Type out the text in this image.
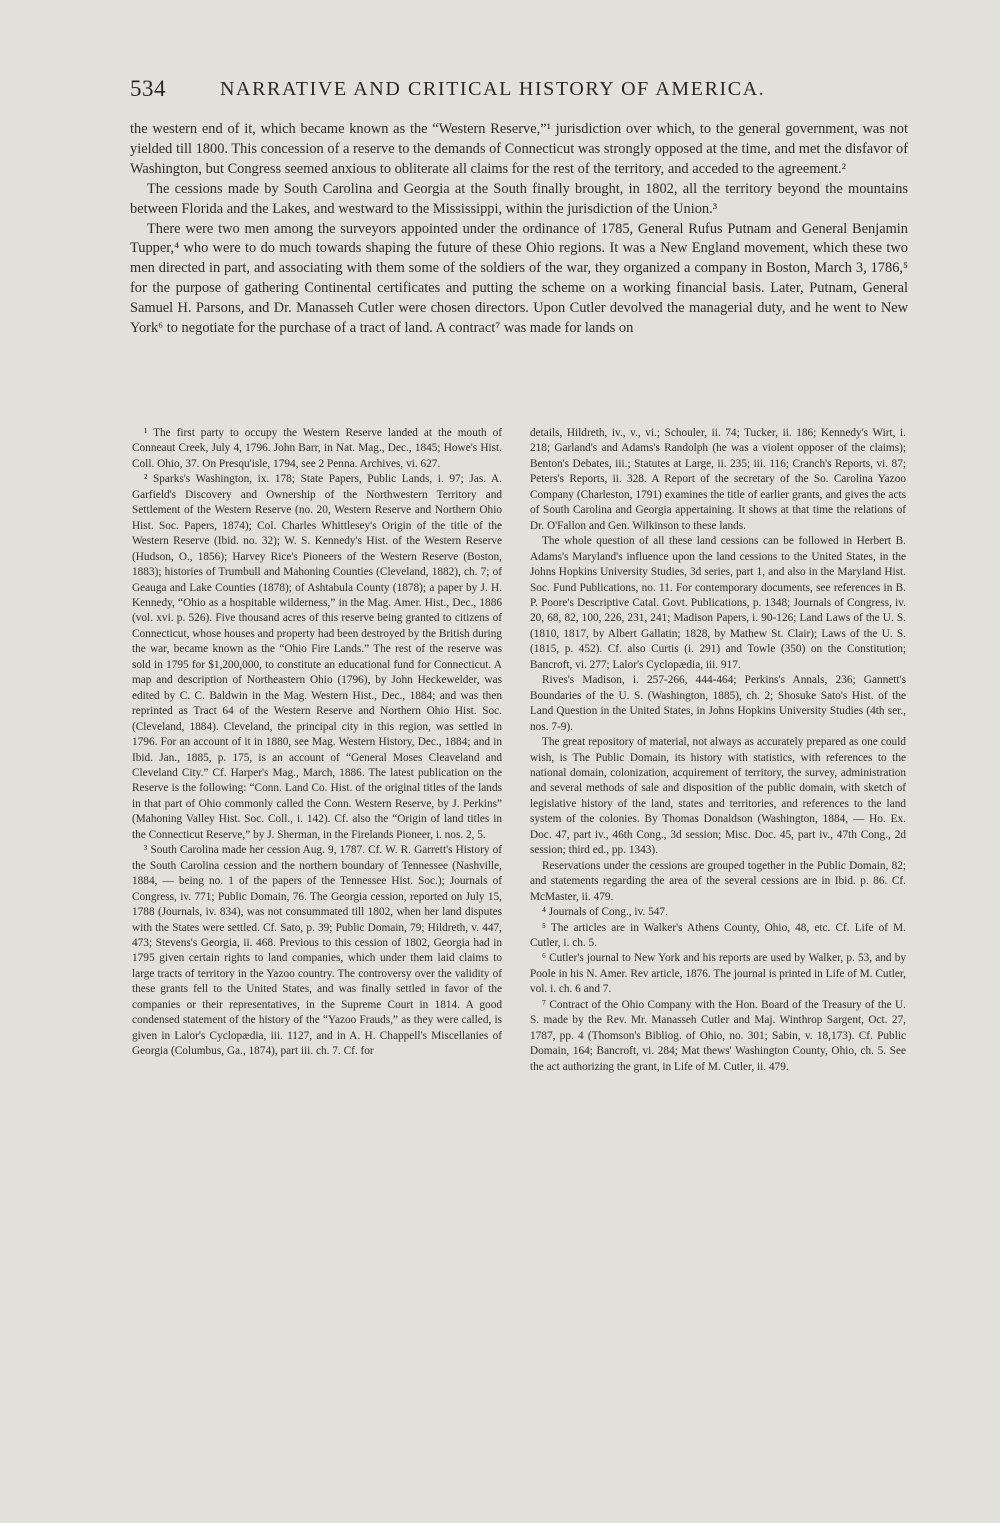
534	NARRATIVE AND CRITICAL HISTORY OF AMERICA.

the western end of it, which became known as the “Western Reserve,”¹ jurisdiction over which, to the general government, was not yielded till 1800. This concession of a reserve to the demands of Connecticut was strongly opposed at the time, and met the disfavor of Washington, but Congress seemed anxious to obliterate all claims for the rest of the territory, and acceded to the agreement.²

The cessions made by South Carolina and Georgia at the South finally brought, in 1802, all the territory beyond the mountains between Florida and the Lakes, and westward to the Mississippi, within the jurisdiction of the Union.³

There were two men among the surveyors appointed under the ordinance of 1785, General Rufus Putnam and General Benjamin Tupper,⁴ who were to do much towards shaping the future of these Ohio regions. It was a New England movement, which these two men directed in part, and associating with them some of the soldiers of the war, they organized a company in Boston, March 3, 1786,⁵ for the purpose of gathering Continental certificates and putting the scheme on a working financial basis. Later, Putnam, General Samuel H. Parsons, and Dr. Manasseh Cutler were chosen directors. Upon Cutler devolved the managerial duty, and he went to New York⁶ to negotiate for the purchase of a tract of land. A contract⁷ was made for lands on

¹ The first party to occupy the Western Reserve landed at the mouth of Conneaut Creek, July 4, 1796. John Barr, in Nat. Mag., Dec., 1845; Howe's Hist. Coll. Ohio, 37. On Presqu'isle, 1794, see 2 Penna. Archives, vi. 627.

² Sparks's Washington, ix. 178; State Papers, Public Lands, i. 97; Jas. A. Garfield's Discovery and Ownership of the Northwestern Territory and Settlement of the Western Reserve (no. 20, Western Reserve and Northern Ohio Hist. Soc. Papers, 1874); Col. Charles Whittlesey's Origin of the title of the Western Reserve (Ibid. no. 32); W. S. Kennedy's Hist. of the Western Reserve (Hudson, O., 1856); Harvey Rice's Pioneers of the Western Reserve (Boston, 1883); histories of Trumbull and Mahoning Counties (Cleveland, 1882), ch. 7; of Geauga and Lake Counties (1878); of Ashtabula County (1878); a paper by J. H. Kennedy, “Ohio as a hospitable wilderness,” in the Mag. Amer. Hist., Dec., 1886 (vol. xvi. p. 526). Five thousand acres of this reserve being granted to citizens of Connecticut, whose houses and property had been destroyed by the British during the war, became known as the “Ohio Fire Lands.” The rest of the reserve was sold in 1795 for $1,200,000, to constitute an educational fund for Connecticut. A map and description of Northeastern Ohio (1796), by John Heckewelder, was edited by C. C. Baldwin in the Mag. Western Hist., Dec., 1884; and was then reprinted as Tract 64 of the Western Reserve and Northern Ohio Hist. Soc. (Cleveland, 1884). Cleveland, the principal city in this region, was settled in 1796. For an account of it in 1880, see Mag. Western History, Dec., 1884; and in Ibid. Jan., 1885, p. 175, is an account of “General Moses Cleaveland and Cleveland City.” Cf. Harper's Mag., March, 1886. The latest publication on the Reserve is the following: “Conn. Land Co. Hist. of the original titles of the lands in that part of Ohio commonly called the Conn. Western Reserve, by J. Perkins” (Mahoning Valley Hist. Soc. Coll., i. 142). Cf. also the “Origin of land titles in the Connecticut Reserve,” by J. Sherman, in the Firelands Pioneer, i. nos. 2, 5.

³ South Carolina made her cession Aug. 9, 1787. Cf. W. R. Garrett's History of the South Carolina cession and the northern boundary of Tennessee (Nashville, 1884, — being no. 1 of the papers of the Tennessee Hist. Soc.); Journals of Congress, iv. 771; Public Domain, 76. The Georgia cession, reported on July 15, 1788 (Journals, iv. 834), was not consummated till 1802, when her land disputes with the States were settled. Cf. Sato, p. 39; Public Domain, 79; Hildreth, v. 447, 473; Stevens's Georgia, ii. 468. Previous to this cession of 1802, Georgia had in 1795 given certain rights to land companies, which under them laid claims to large tracts of territory in the Yazoo country. The controversy over the validity of these grants fell to the United States, and was finally settled in favor of the companies or their representatives, in the Supreme Court in 1814. A good condensed statement of the history of the “Yazoo Frauds,” as they were called, is given in Lalor's Cyclopædia, iii. 1127, and in A. H. Chappell's Miscellanies of Georgia (Columbus, Ga., 1874), part iii. ch. 7. Cf. for

details, Hildreth, iv., v., vi.; Schouler, ii. 74; Tucker, ii. 186; Kennedy's Wirt, i. 218; Garland's and Adams's Randolph (he was a violent opposer of the claims); Benton's Debates, iii.; Statutes at Large, ii. 235; iii. 116; Cranch's Reports, vi. 87; Peters's Reports, ii. 328. A Report of the secretary of the So. Carolina Yazoo Company (Charleston, 1791) examines the title of earlier grants, and gives the acts of South Carolina and Georgia appertaining. It shows at that time the relations of Dr. O'Fallon and Gen. Wilkinson to these lands.

The whole question of all these land cessions can be followed in Herbert B. Adams's Maryland's influence upon the land cessions to the United States, in the Johns Hopkins University Studies, 3d series, part 1, and also in the Maryland Hist. Soc. Fund Publications, no. 11. For contemporary documents, see references in B. P. Poore's Descriptive Catal. Govt. Publications, p. 1348; Journals of Congress, iv. 20, 68, 82, 100, 226, 231, 241; Madison Papers, i. 90-126; Land Laws of the U. S. (1810, 1817, by Albert Gallatin; 1828, by Mathew St. Clair); Laws of the U. S. (1815, p. 452). Cf. also Curtis (i. 291) and Towle (350) on the Constitution; Bancroft, vi. 277; Lalor's Cyclopædia, iii. 917.

Rives's Madison, i. 257-266, 444-464; Perkins's Annals, 236; Gannett's Boundaries of the U. S. (Washington, 1885), ch. 2; Shosuke Sato's Hist. of the Land Question in the United States, in Johns Hopkins University Studies (4th ser., nos. 7-9).

The great repository of material, not always as accurately prepared as one could wish, is The Public Domain, its history with statistics, with references to the national domain, colonization, acquirement of territory, the survey, administration and several methods of sale and disposition of the public domain, with sketch of legislative history of the land, states and territories, and references to the land system of the colonies. By Thomas Donaldson (Washington, 1884, — Ho. Ex. Doc. 47, part iv., 46th Cong., 3d session; Misc. Doc. 45, part iv., 47th Cong., 2d session; third ed., pp. 1343).

Reservations under the cessions are grouped together in the Public Domain, 82; and statements regarding the area of the several cessions are in Ibid. p. 86. Cf. McMaster, ii. 479.

⁴ Journals of Cong., iv. 547.

⁵ The articles are in Walker's Athens County, Ohio, 48, etc. Cf. Life of M. Cutler, i. ch. 5.

⁶ Cutler's journal to New York and his reports are used by Walker, p. 53, and by Poole in his N. Amer. Rev article, 1876. The journal is printed in Life of M. Cutler, vol. i. ch. 6 and 7.

⁷ Contract of the Ohio Company with the Hon. Board of the Treasury of the U. S. made by the Rev. Mr. Manasseh Cutler and Maj. Winthrop Sargent, Oct. 27, 1787, pp. 4 (Thomson's Bibliog. of Ohio, no. 301; Sabin, v. 18,173). Cf. Public Domain, 164; Bancroft, vi. 284; Mat thews' Washington County, Ohio, ch. 5. See the act authorizing the grant, in Life of M. Cutler, ii. 479.
